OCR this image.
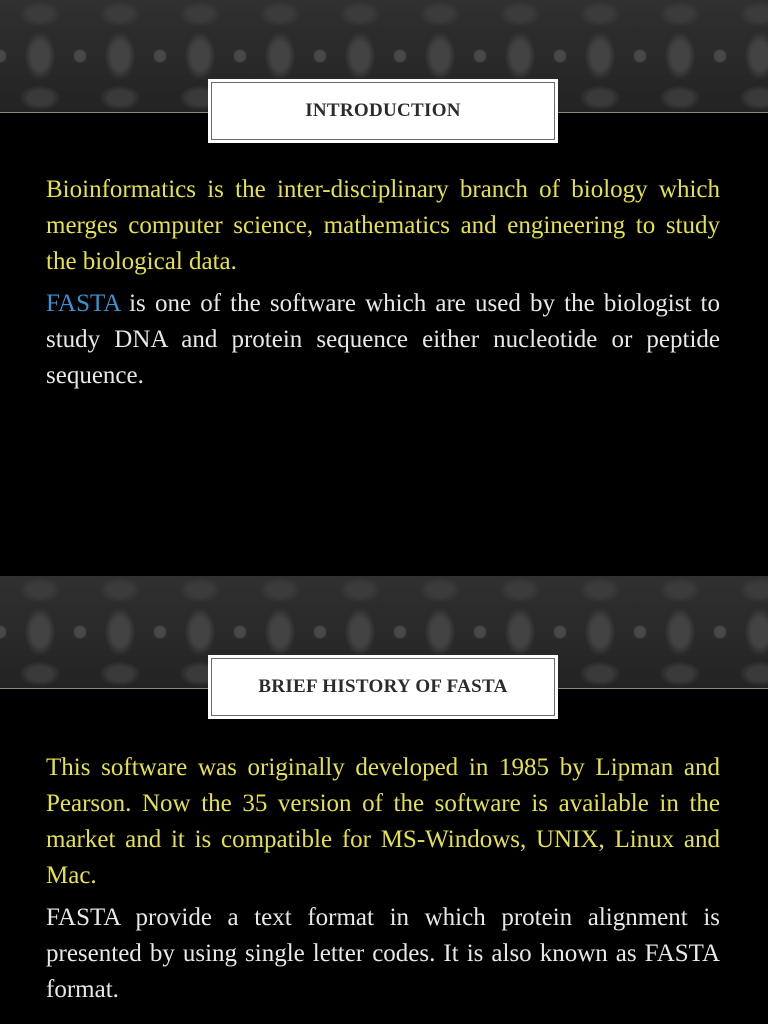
INTRODUCTION

Bioinformatics is the inter-disciplinary branch of biology which merges computer science, mathematics and engineering to study the biological data.

FASTA is one of the software which are used by the biologist to study DNA and protein sequence either nucleotide or peptide sequence.

BRIEF HISTORY OF FASTA

This software was originally developed in 1985 by Lipman and Pearson. Now the 35 version of the software is available in the market and it is compatible for MS-Windows, UNIX, Linux and Mac.

FASTA provide a text format in which protein alignment is presented by using single letter codes. It is also known as FASTA format.
